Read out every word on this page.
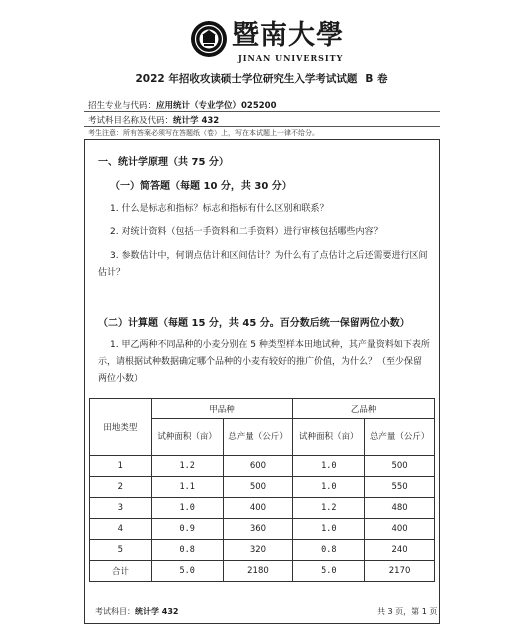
暨南大學
JINAN UNIVERSITY
2022 年招收攻读硕士学位研究生入学考试试题 B 卷
招生专业与代码：应用统计（专业学位）025200
考试科目名称及代码：统计学 432
考生注意：所有答案必须写在答题纸（卷）上，写在本试题上一律不给分。
一、统计学原理（共 75 分）
（一）简答题（每题 10 分，共 30 分）
1. 什么是标志和指标？标志和指标有什么区别和联系？
2. 对统计资料（包括一手资料和二手资料）进行审核包括哪些内容？
3. 参数估计中，何谓点估计和区间估计？为什么有了点估计之后还需要进行区间估计？
（二）计算题（每题 15 分，共 45 分。百分数后统一保留两位小数）
1. 甲乙两种不同品种的小麦分别在 5 种类型样本田地试种，其产量资料如下表所示，请根据试种数据确定哪个品种的小麦有较好的推广价值，为什么？（至少保留两位小数）
田地类型	甲品种		乙品种	
	试种面积（亩）	总产量（公斤）	试种面积（亩）	总产量（公斤）
1	1.2	600	1.0	500
2	1.1	500	1.0	550
3	1.0	400	1.2	480
4	0.9	360	1.0	400
5	0.8	320	0.8	240
合计	5.0	2180	5.0	2170
考试科目：统计学 432	共 3 页，第 1 页
